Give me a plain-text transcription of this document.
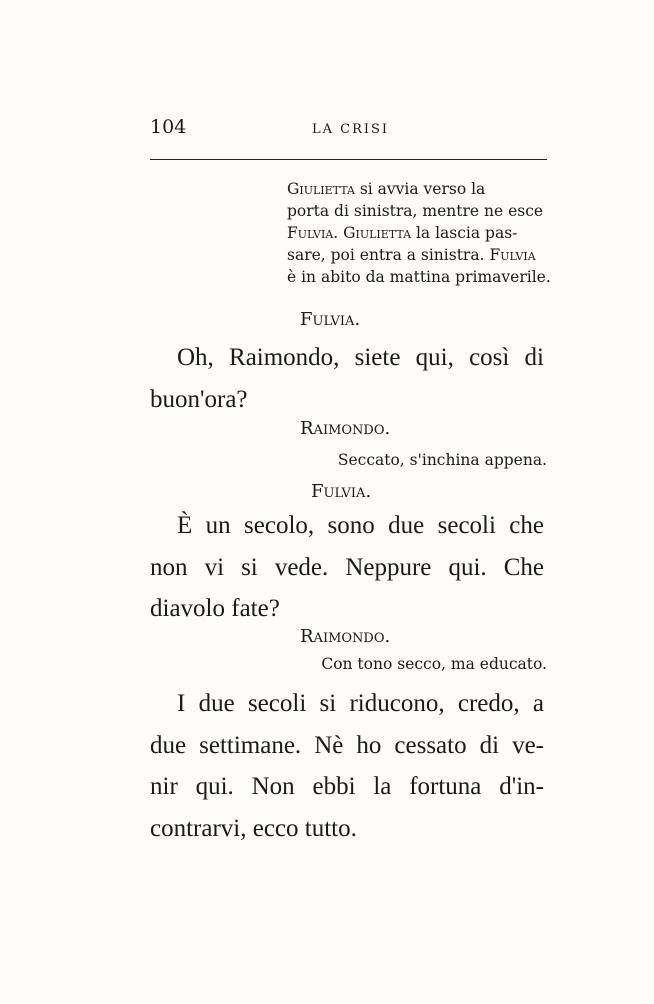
104	LA CRISI
Giulietta si avvia verso la
porta di sinistra, mentre ne esce
Fulvia. Giulietta la lascia pas-
sare, poi entra a sinistra. Fulvia
è in abito da mattina primaverile.
Fulvia.
Oh, Raimondo, siete qui, così di
buon'ora?
Raimondo.
Seccato, s'inchina appena.
Fulvia.
È un secolo, sono due secoli che
non vi si vede. Neppure qui. Che
diavolo fate?
Raimondo.
Con tono secco, ma educato.
I due secoli si riducono, credo, a
due settimane. Nè ho cessato di ve-
nir qui. Non ebbi la fortuna d'in-
contrarvi, ecco tutto.
